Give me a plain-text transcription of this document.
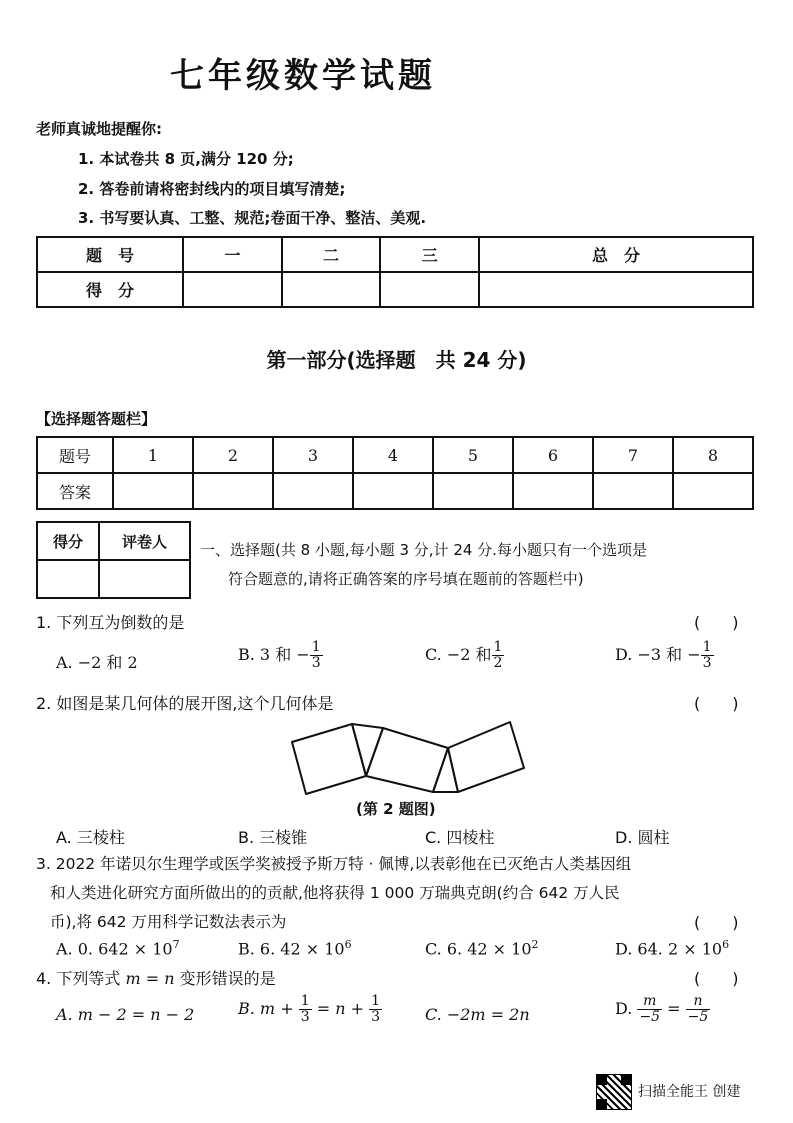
七年级数学试题
老师真诚地提醒你:
1. 本试卷共 8 页,满分 120 分;
2. 答卷前请将密封线内的项目填写清楚;
3. 书写要认真、工整、规范;卷面干净、整洁、美观.
题　号	一	二	三	总　分
得　分				
第一部分(选择题　共 24 分)
【选择题答题栏】
题号	1	2	3	4	5	6	7	8
答案								
得分	评卷人
	一、选择题(共 8 小题,每小题 3 分,计 24 分.每小题只有一个选项是
符合题意的,请将正确答案的序号填在题前的答题栏中)
1. 下列互为倒数的是	(　　)
A. −2 和 2	B. 3 和 − $\frac{1}{3}$	C. −2 和 $\frac{1}{2}$	D. −3 和 − $\frac{1}{3}$
2. 如图是某几何体的展开图,这个几何体是	(　　)
(第 2 题图)
A. 三棱柱	B. 三棱锥	C. 四棱柱	D. 圆柱
3. 2022 年诺贝尔生理学或医学奖被授予斯万特 · 佩博,以表彰他在已灭绝古人类基因组
和人类进化研究方面所做出的的贡献,他将获得 1 000 万瑞典克朗(约合 642 万人民
币),将 642 万用科学记数法表示为	(　　)
A. 0. $642 \times 10^7$	B. 6. $42 \times 10^6$	C. 6. $42 \times 10^2$	D. 64. $2 \times 10^6$
4. 下列等式 m = n 变形错误的是	(　　)
A. m − 2 = n − 2	B. $m + \frac{1}{3} = n + \frac{1}{3}$	C. −2m = 2n	D. $\frac{m}{-5} = \frac{n}{-5}$
扫描全能王 创建
